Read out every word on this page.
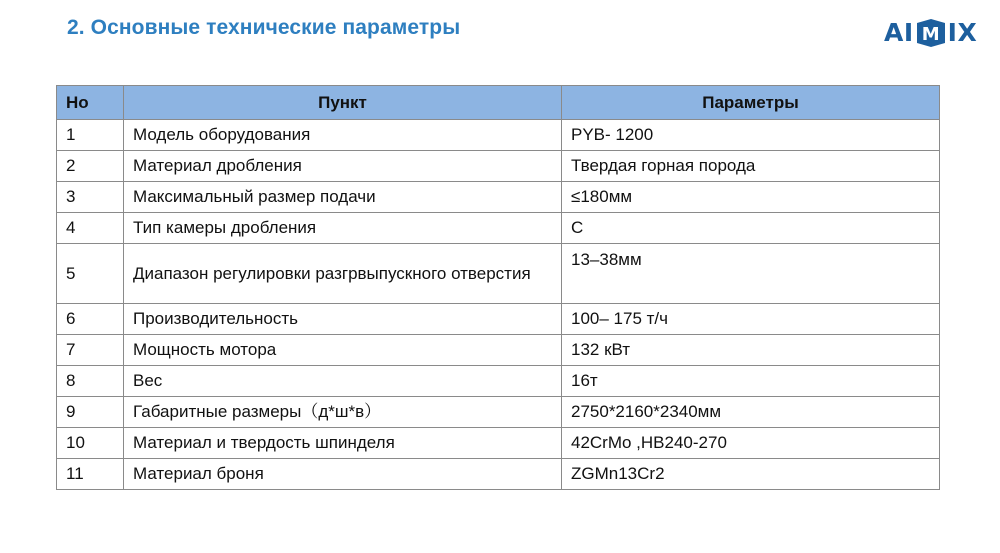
2. Основные технические параметры	AI M IX
Но	Пункт	Параметры
1	Модель оборудования	PYB- 1200
2	Материал дробления	Твердая горная порода
3	Максимальный размер подачи	≤180мм
4	Тип камеры дробления	C
5	Диапазон регулировки разгрвыпускного отверстия	13–38мм
6	Производительность	100– 175 т/ч
7	Мощность мотора	132 кВт
8	Вес	16т
9	Габаритные размеры（д*ш*в）	2750*2160*2340мм
10	Материал и твердость шпинделя	42CrMo ,HB240-270
11	Материал броня	ZGMn13Cr2
